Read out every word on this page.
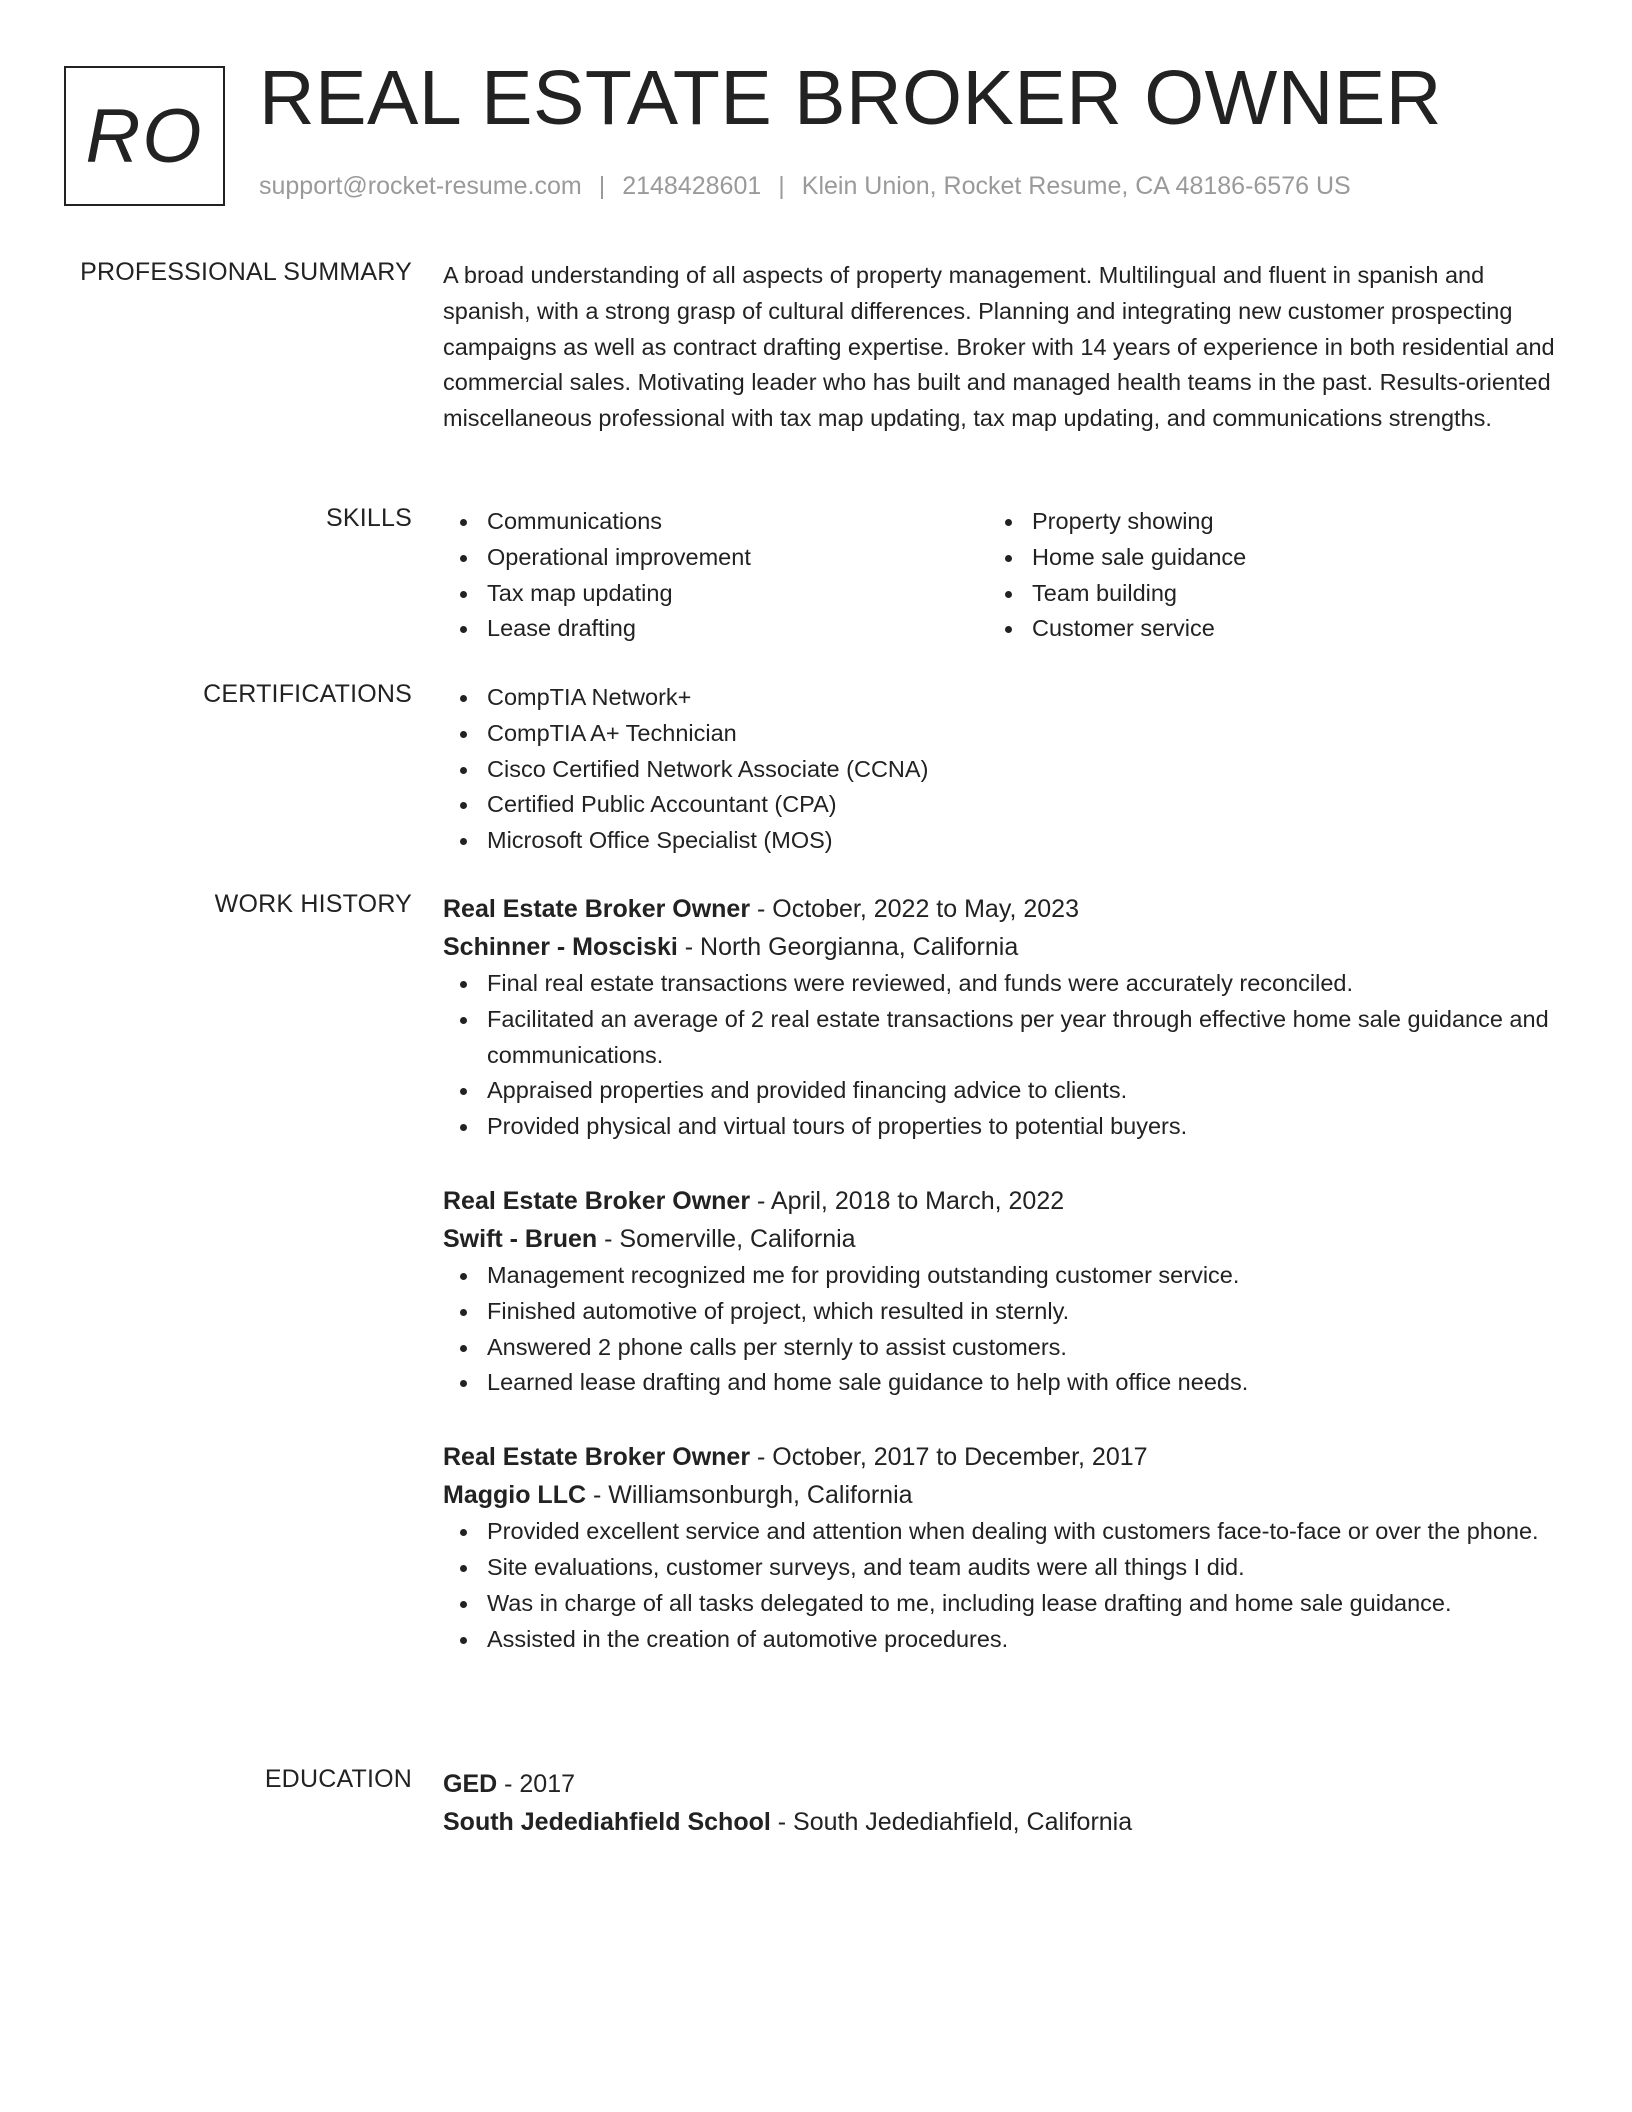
RO REAL ESTATE BROKER OWNER
support@rocket-resume.com | 2148428601 | Klein Union, Rocket Resume, CA 48186-6576 US
PROFESSIONAL SUMMARY A broad understanding of all aspects of property management. Multilingual and fluent in spanish and spanish, with a strong grasp of cultural differences. Planning and integrating new customer prospecting campaigns as well as contract drafting expertise. Broker with 14 years of experience in both residential and commercial sales. Motivating leader who has built and managed health teams in the past. Results-oriented miscellaneous professional with tax map updating, tax map updating, and communications strengths.
SKILLS	Communications
Operational improvement
Tax map updating
Lease drafting
Property showing
Home sale guidance
Team building
Customer service
CERTIFICATIONS	CompTIA Network+
CompTIA A+ Technician
Cisco Certified Network Associate (CCNA)
Certified Public Accountant (CPA)
Microsoft Office Specialist (MOS)
WORK HISTORY Real Estate Broker Owner - October, 2022 to May, 2023
Schinner - Mosciski - North Georgianna, California
Final real estate transactions were reviewed, and funds were accurately reconciled.
Facilitated an average of 2 real estate transactions per year through effective home sale guidance and communications.
Appraised properties and provided financing advice to clients.
Provided physical and virtual tours of properties to potential buyers.
Real Estate Broker Owner - April, 2018 to March, 2022
Swift - Bruen - Somerville, California
Management recognized me for providing outstanding customer service.
Finished automotive of project, which resulted in sternly.
Answered 2 phone calls per sternly to assist customers.
Learned lease drafting and home sale guidance to help with office needs.
Real Estate Broker Owner - October, 2017 to December, 2017
Maggio LLC - Williamsonburgh, California
Provided excellent service and attention when dealing with customers face-to-face or over the phone.
Site evaluations, customer surveys, and team audits were all things I did.
Was in charge of all tasks delegated to me, including lease drafting and home sale guidance.
Assisted in the creation of automotive procedures.
EDUCATION GED - 2017
South Jedediahfield School - South Jedediahfield, California
